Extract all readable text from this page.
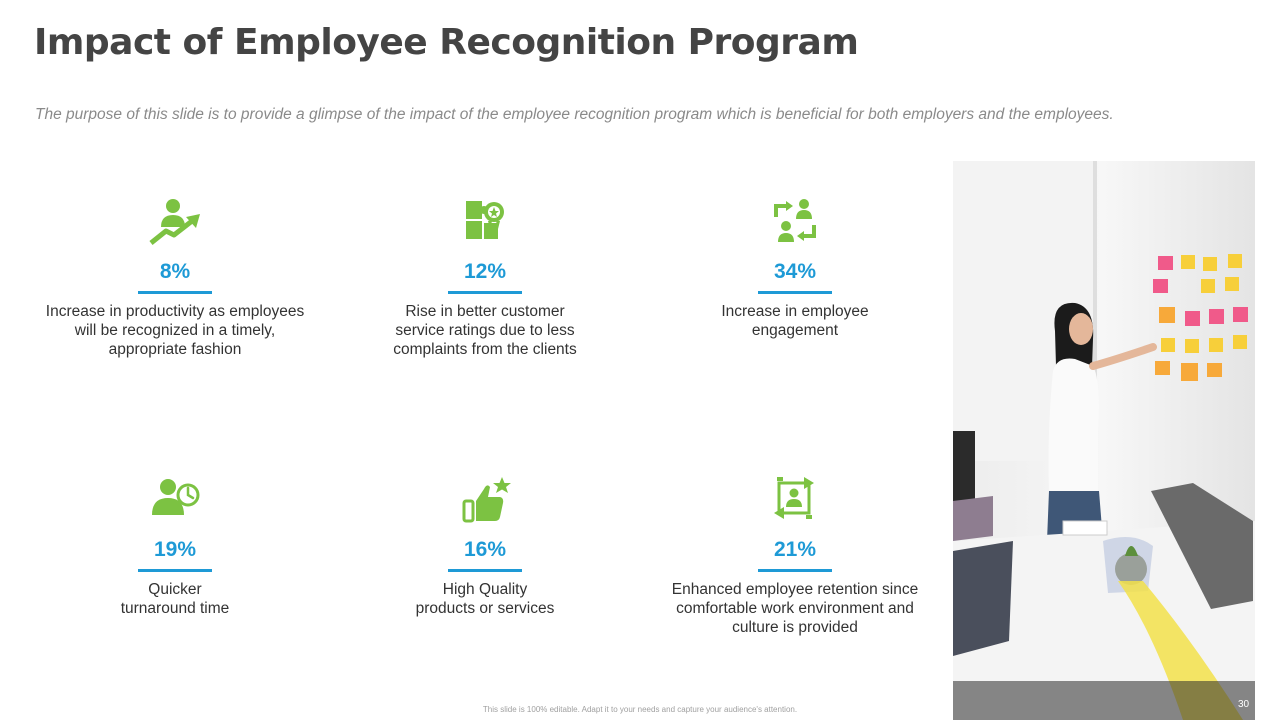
Impact of Employee Recognition Program
The purpose of this slide is to provide a glimpse of the impact of the employee recognition program which is beneficial for both employers and the employees.
8%
Increase in productivity as employees
will be recognized in a timely,
appropriate fashion
12%
Rise in better customer
service ratings due to less
complaints from the clients
34%
Increase in employee
engagement
19%
Quicker
turnaround time
16%
High Quality
products or services
21%
Enhanced employee retention since
comfortable work environment and
culture is provided
This slide is 100% editable. Adapt it to your needs and capture your audience's attention.	30
